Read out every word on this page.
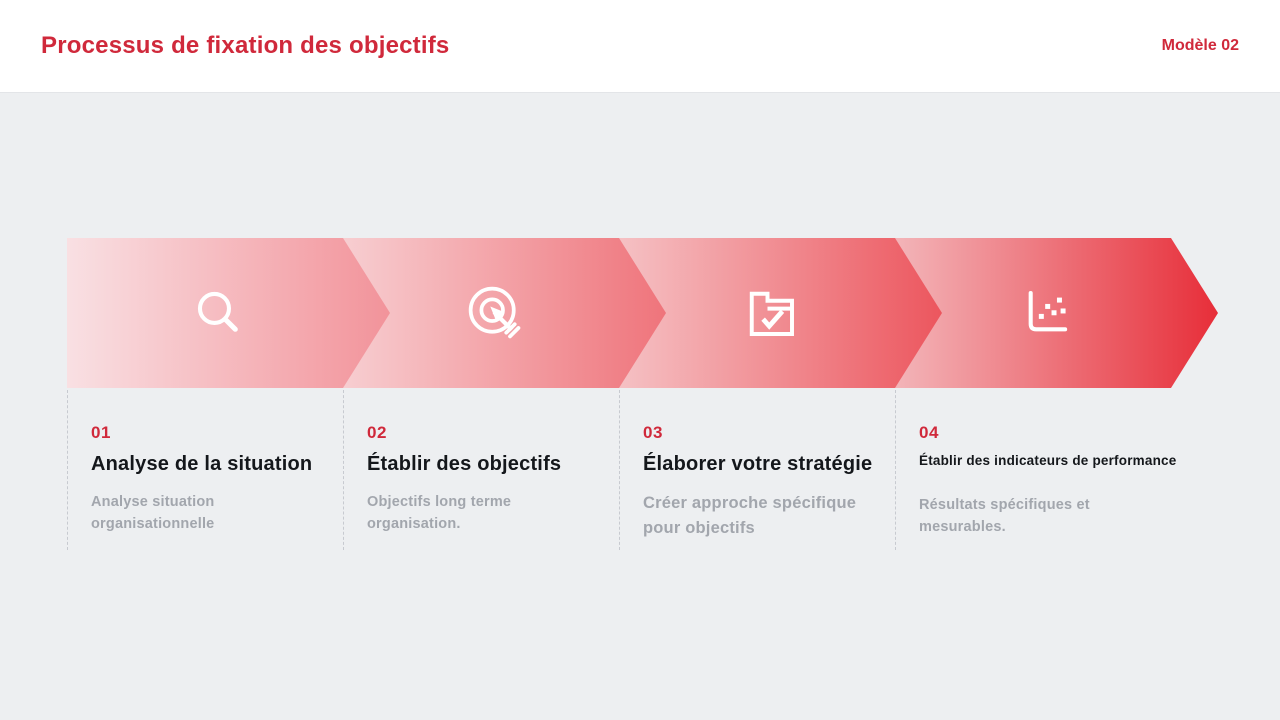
Processus de fixation des objectifs	Modèle 02
01
Analyse de la situation
Analyse situation organisationnelle
02
Établir des objectifs
Objectifs long terme organisation.
03
Élaborer votre stratégie
Créer approche spécifique pour objectifs
04
Établir des indicateurs de performance
Résultats spécifiques et mesurables.
